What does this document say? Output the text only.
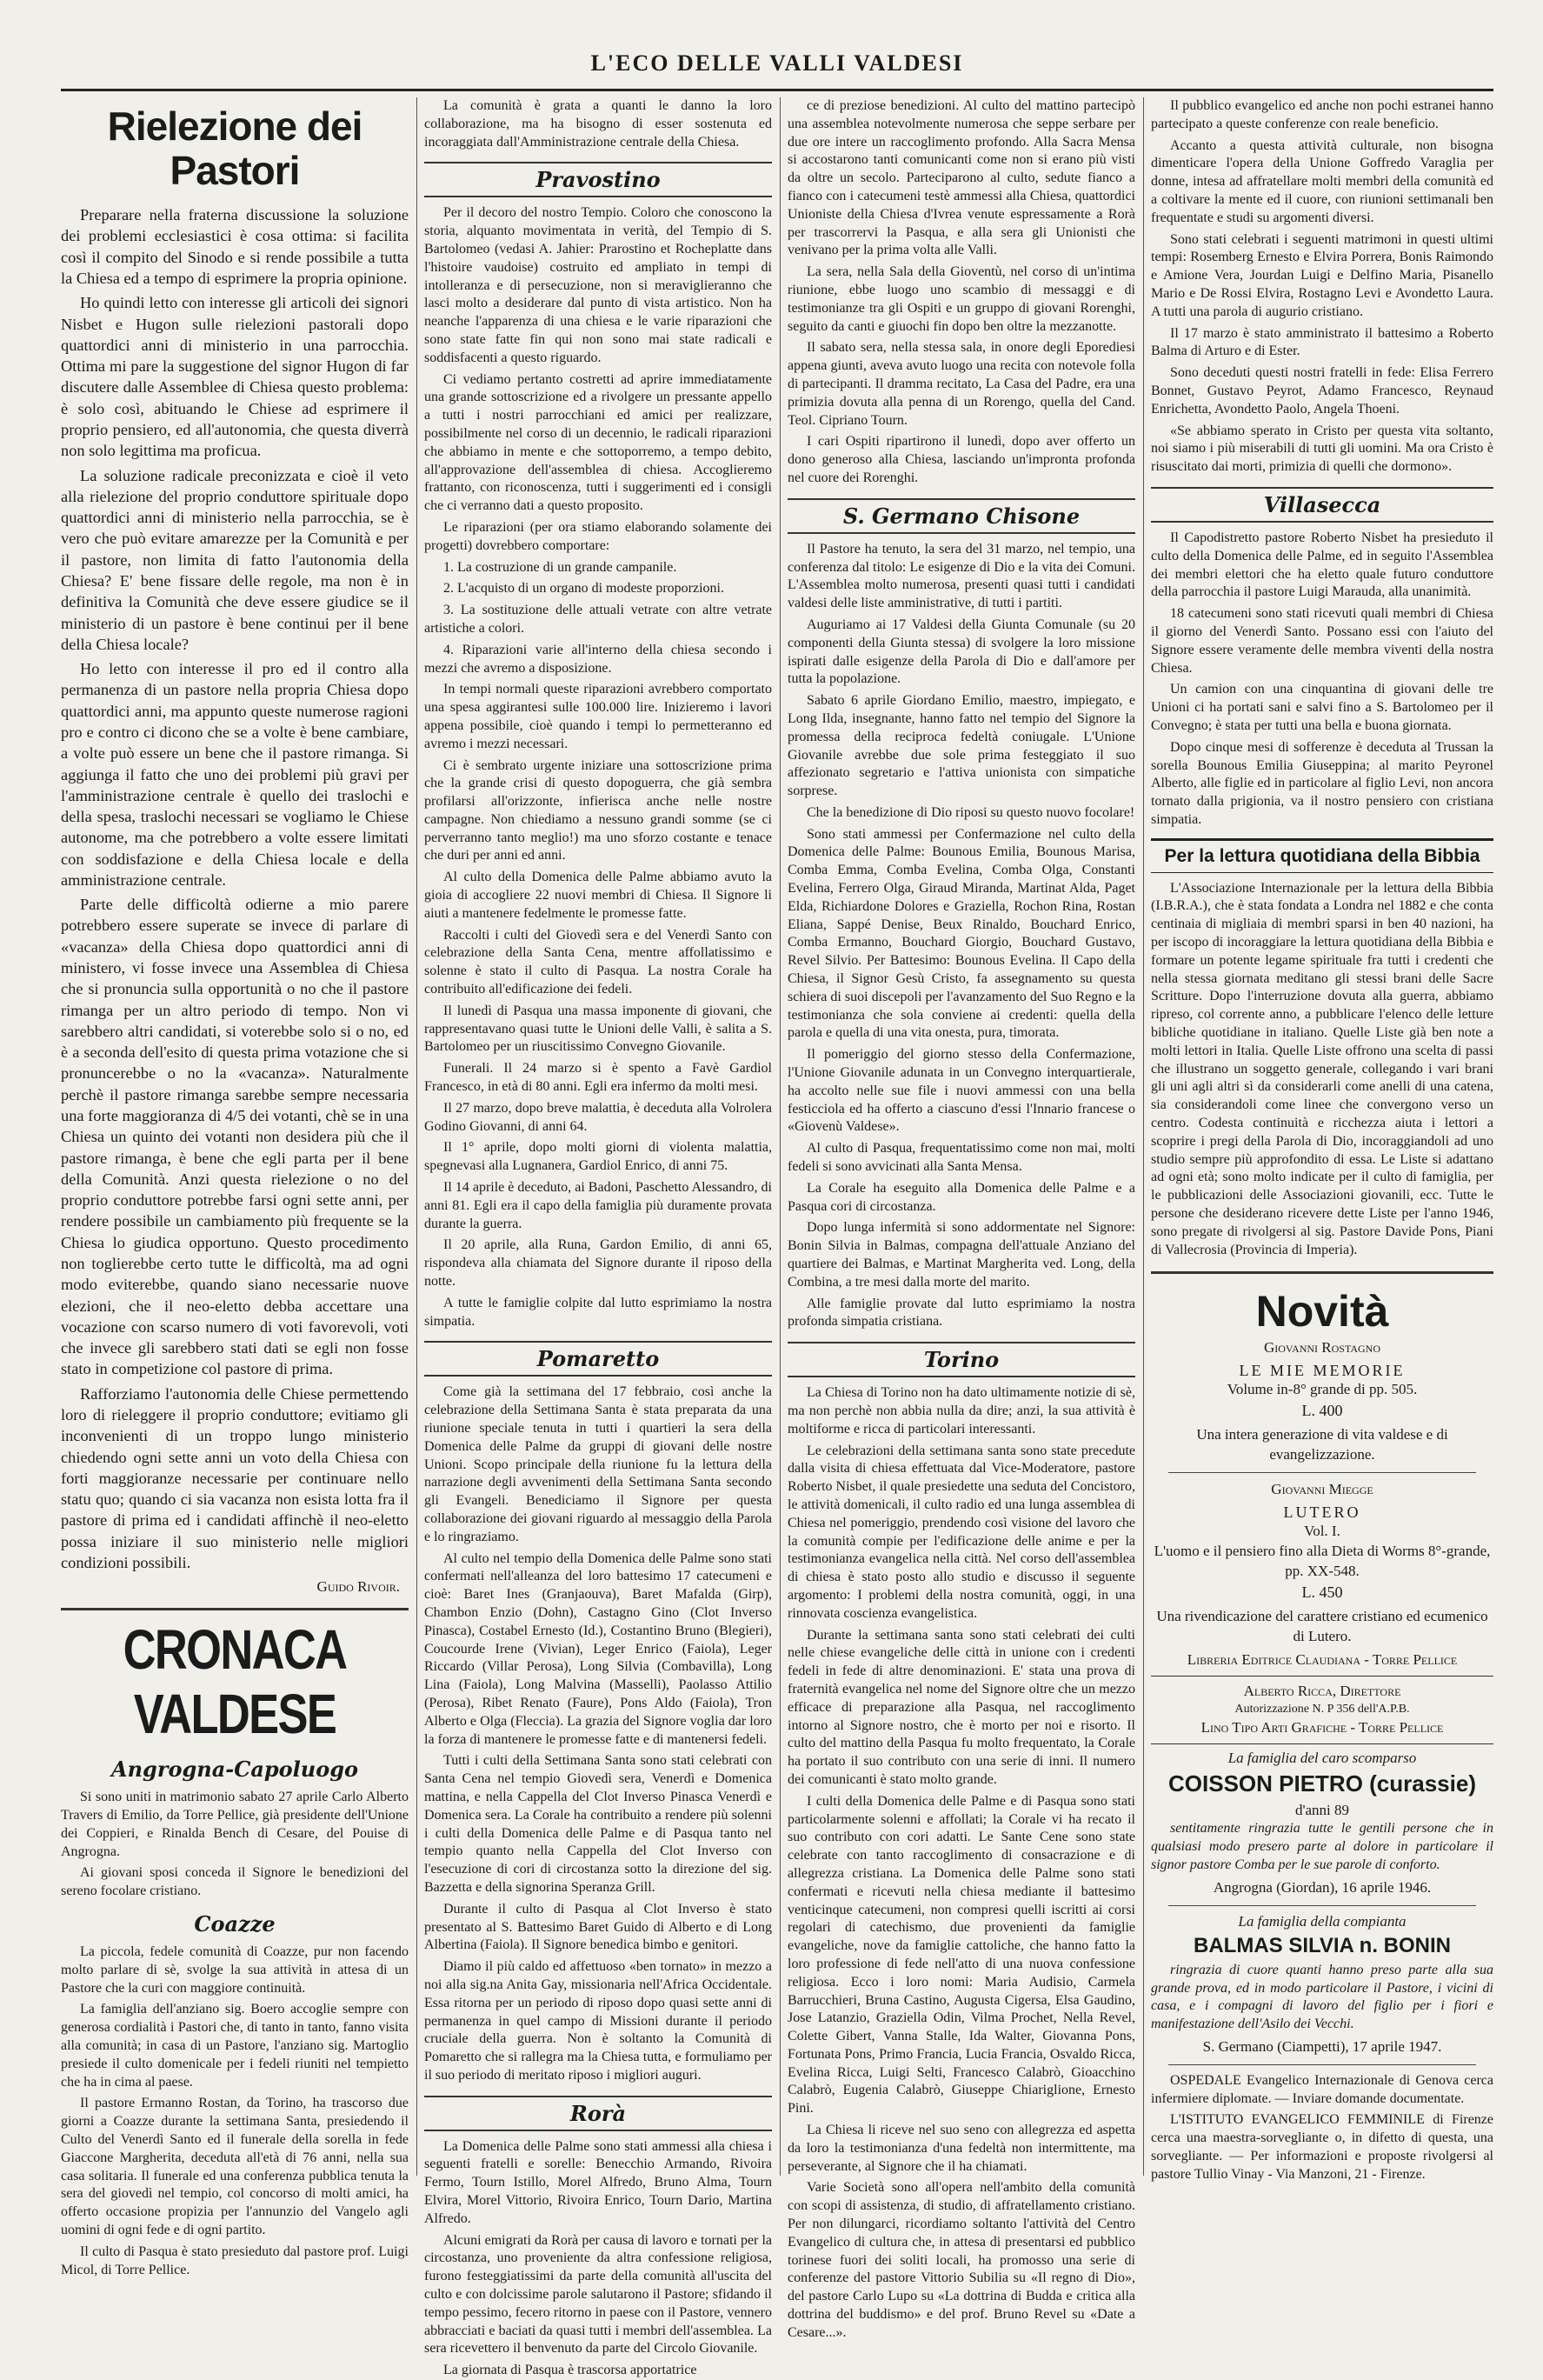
L'ECO DELLE VALLI VALDESI
Rielezione dei Pastori

Preparare nella fraterna discussione la soluzione dei problemi ecclesiastici è cosa ottima: si facilita così il compito del Sinodo e si rende possibile a tutta la Chiesa ed a tempo di esprimere la propria opinione.

Ho quindi letto con interesse gli articoli dei signori Nisbet e Hugon sulle rielezioni pastorali dopo quattordici anni di ministerio in una parrocchia. Ottima mi pare la suggestione del signor Hugon di far discutere dalle Assemblee di Chiesa questo problema: è solo così, abituando le Chiese ad esprimere il proprio pensiero, ed all'autonomia, che questa diverrà non solo legittima ma proficua.

La soluzione radicale preconizzata e cioè il veto alla rielezione del proprio conduttore spirituale dopo quattordici anni di ministerio nella parrocchia, se è vero che può evitare amarezze per la Comunità e per il pastore, non limita di fatto l'autonomia della Chiesa? E' bene fissare delle regole, ma non è in definitiva la Comunità che deve essere giudice se il ministerio di un pastore è bene continui per il bene della Chiesa locale?

Ho letto con interesse il pro ed il contro alla permanenza di un pastore nella propria Chiesa dopo quattordici anni, ma appunto queste numerose ragioni pro e contro ci dicono che se a volte è bene cambiare, a volte può essere un bene che il pastore rimanga. Si aggiunga il fatto che uno dei problemi più gravi per l'amministrazione centrale è quello dei traslochi e della spesa, traslochi necessari se vogliamo le Chiese autonome, ma che potrebbero a volte essere limitati con soddisfazione e della Chiesa locale e della amministrazione centrale.

Parte delle difficoltà odierne a mio parere potrebbero essere superate se invece di parlare di «vacanza» della Chiesa dopo quattordici anni di ministero, vi fosse invece una Assemblea di Chiesa che si pronuncia sulla opportunità o no che il pastore rimanga per un altro periodo di tempo. Non vi sarebbero altri candidati, si voterebbe solo si o no, ed è a seconda dell'esito di questa prima votazione che si pronuncerebbe o no la «vacanza». Naturalmente perchè il pastore rimanga sarebbe sempre necessaria una forte maggioranza di 4/5 dei votanti, chè se in una Chiesa un quinto dei votanti non desidera più che il pastore rimanga, è bene che egli parta per il bene della Comunità. Anzi questa rielezione o no del proprio conduttore potrebbe farsi ogni sette anni, per rendere possibile un cambiamento più frequente se la Chiesa lo giudica opportuno. Questo procedimento non toglierebbe certo tutte le difficoltà, ma ad ogni modo eviterebbe, quando siano necessarie nuove elezioni, che il neo-eletto debba accettare una vocazione con scarso numero di voti favorevoli, voti che invece gli sarebbero stati dati se egli non fosse stato in competizione col pastore di prima.

Rafforziamo l'autonomia delle Chiese permettendo loro di rieleggere il proprio conduttore; evitiamo gli inconvenienti di un troppo lungo ministerio chiedendo ogni sette anni un voto della Chiesa con forti maggioranze necessarie per continuare nello statu quo; quando ci sia vacanza non esista lotta fra il pastore di prima ed i candidati affinchè il neo-eletto possa iniziare il suo ministerio nelle migliori condizioni possibili.

Guido Rivoir.
CRONACA VALDESE
Angrogna-Capoluogo

Si sono uniti in matrimonio sabato 27 aprile Carlo Alberto Travers di Emilio, da Torre Pellice, già presidente dell'Unione dei Coppieri, e Rinalda Bench di Cesare, del Pouise di Angrogna.

Ai giovani sposi conceda il Signore le benedizioni del sereno focolare cristiano.

Coazze

La piccola, fedele comunità di Coazze, pur non facendo molto parlare di sè, svolge la sua attività in attesa di un Pastore che la curi con maggiore continuità.

La famiglia dell'anziano sig. Boero accoglie sempre con generosa cordialità i Pastori che, di tanto in tanto, fanno visita alla comunità; in casa di un Pastore, l'anziano sig. Martoglio presiede il culto domenicale per i fedeli riuniti nel tempietto che ha in cima al paese.

Il pastore Ermanno Rostan, da Torino, ha trascorso due giorni a Coazze durante la settimana Santa, presiedendo il Culto del Venerdì Santo ed il funerale della sorella in fede Giaccone Margherita, deceduta all'età di 76 anni, nella sua casa solitaria. Il funerale ed una conferenza pubblica tenuta la sera del giovedì nel tempio, col concorso di molti amici, ha offerto occasione propizia per l'annunzio del Vangelo agli uomini di ogni fede e di ogni partito.

Il culto di Pasqua è stato presieduto dal pastore prof. Luigi Micol, di Torre Pellice.

La comunità è grata a quanti le danno la loro collaborazione, ma ha bisogno di esser sostenuta ed incoraggiata dall'Amministrazione centrale della Chiesa.

Pravostino

Per il decoro del nostro Tempio. Coloro che conoscono la storia, alquanto movimentata in verità, del Tempio di S. Bartolomeo (vedasi A. Jahier: Prarostino et Rocheplatte dans l'histoire vaudoise) costruito ed ampliato in tempi di intolleranza e di persecuzione, non si meraviglieranno che lasci molto a desiderare dal punto di vista artistico. Non ha neanche l'apparenza di una chiesa e le varie riparazioni che sono state fatte fin qui non sono mai state radicali e soddisfacenti a questo riguardo.

Ci vediamo pertanto costretti ad aprire immediatamente una grande sottoscrizione ed a rivolgere un pressante appello a tutti i nostri parrocchiani ed amici per realizzare, possibilmente nel corso di un decennio, le radicali riparazioni che abbiamo in mente e che sottoporremo, a tempo debito, all'approvazione dell'assemblea di chiesa. Accoglieremo frattanto, con riconoscenza, tutti i suggerimenti ed i consigli che ci verranno dati a questo proposito.

Le riparazioni (per ora stiamo elaborando solamente dei progetti) dovrebbero comportare:

1. La costruzione di un grande campanile.

2. L'acquisto di un organo di modeste proporzioni.

3. La sostituzione delle attuali vetrate con altre vetrate artistiche a colori.

4. Riparazioni varie all'interno della chiesa secondo i mezzi che avremo a disposizione.

In tempi normali queste riparazioni avrebbero comportato una spesa aggirantesi sulle 100.000 lire. Inizieremo i lavori appena possibile, cioè quando i tempi lo permetteranno ed avremo i mezzi necessari.

Ci è sembrato urgente iniziare una sottoscrizione prima che la grande crisi di questo dopoguerra, che già sembra profilarsi all'orizzonte, infierisca anche nelle nostre campagne. Non chiediamo a nessuno grandi somme (se ci perverranno tanto meglio!) ma uno sforzo costante e tenace che duri per anni ed anni.

Al culto della Domenica delle Palme abbiamo avuto la gioia di accogliere 22 nuovi membri di Chiesa. Il Signore li aiuti a mantenere fedelmente le promesse fatte.

Raccolti i culti del Giovedì sera e del Venerdì Santo con celebrazione della Santa Cena, mentre affollatissimo e solenne è stato il culto di Pasqua. La nostra Corale ha contribuito all'edificazione dei fedeli.

Il lunedì di Pasqua una massa imponente di giovani, che rappresentavano quasi tutte le Unioni delle Valli, è salita a S. Bartolomeo per un riuscitissimo Convegno Giovanile.

Funerali. Il 24 marzo si è spento a Favè Gardiol Francesco, in età di 80 anni. Egli era infermo da molti mesi.

Il 27 marzo, dopo breve malattia, è deceduta alla Volrolera Godino Giovanni, di anni 64.

Il 1° aprile, dopo molti giorni di violenta malattia, spegnevasi alla Lugnanera, Gardiol Enrico, di anni 75.

Il 14 aprile è deceduto, ai Badoni, Paschetto Alessandro, di anni 81. Egli era il capo della famiglia più duramente provata durante la guerra.

Il 20 aprile, alla Runa, Gardon Emilio, di anni 65, rispondeva alla chiamata del Signore durante il riposo della notte.

A tutte le famiglie colpite dal lutto esprimiamo la nostra simpatia.

Pomaretto

Come già la settimana del 17 febbraio, così anche la celebrazione della Settimana Santa è stata preparata da una riunione speciale tenuta in tutti i quartieri la sera della Domenica delle Palme da gruppi di giovani delle nostre Unioni. Scopo principale della riunione fu la lettura della narrazione degli avvenimenti della Settimana Santa secondo gli Evangeli. Benediciamo il Signore per questa collaborazione dei giovani riguardo al messaggio della Parola e lo ringraziamo.

Al culto nel tempio della Domenica delle Palme sono stati confermati nell'alleanza del loro battesimo 17 catecumeni e cioè: Baret Ines (Granjaouva), Baret Mafalda (Girp), Chambon Enzio (Dohn), Castagno Gino (Clot Inverso Pinasca), Costabel Ernesto (Id.), Costantino Bruno (Blegieri), Coucourde Irene (Vivian), Leger Enrico (Faiola), Leger Riccardo (Villar Perosa), Long Silvia (Combavilla), Long Lina (Faiola), Long Malvina (Masselli), Paolasso Attilio (Perosa), Ribet Renato (Faure), Pons Aldo (Faiola), Tron Alberto e Olga (Fleccia). La grazia del Signore voglia dar loro la forza di mantenere le promesse fatte e di mantenersi fedeli.

Tutti i culti della Settimana Santa sono stati celebrati con Santa Cena nel tempio Giovedì sera, Venerdì e Domenica mattina, e nella Cappella del Clot Inverso Pinasca Venerdì e Domenica sera. La Corale ha contribuito a rendere più solenni i culti della Domenica delle Palme e di Pasqua tanto nel tempio quanto nella Cappella del Clot Inverso con l'esecuzione di cori di circostanza sotto la direzione del sig. Bazzetta e della signorina Speranza Grill.

Durante il culto di Pasqua al Clot Inverso è stato presentato al S. Battesimo Baret Guido di Alberto e di Long Albertina (Faiola). Il Signore benedica bimbo e genitori.

Diamo il più caldo ed affettuoso «ben tornato» in mezzo a noi alla sig.na Anita Gay, missionaria nell'Africa Occidentale. Essa ritorna per un periodo di riposo dopo quasi sette anni di permanenza in quel campo di Missioni durante il periodo cruciale della guerra. Non è soltanto la Comunità di Pomaretto che si rallegra ma la Chiesa tutta, e formuliamo per il suo periodo di meritato riposo i migliori auguri.

Rorà

La Domenica delle Palme sono stati ammessi alla chiesa i seguenti fratelli e sorelle: Benecchio Armando, Rivoira Fermo, Tourn Istillo, Morel Alfredo, Bruno Alma, Tourn Elvira, Morel Vittorio, Rivoira Enrico, Tourn Dario, Martina Alfredo.

Alcuni emigrati da Rorà per causa di lavoro e tornati per la circostanza, uno proveniente da altra confessione religiosa, furono festeggiatissimi da parte della comunità all'uscita del culto e con dolcissime parole salutarono il Pastore; sfidando il tempo pessimo, fecero ritorno in paese con il Pastore, vennero abbracciati e baciati da quasi tutti i membri dell'assemblea. La sera ricevettero il benvenuto da parte del Circolo Giovanile.

La giornata di Pasqua è trascorsa apportatrice

ce di preziose benedizioni. Al culto del mattino partecipò una assemblea notevolmente numerosa che seppe serbare per due ore intere un raccoglimento profondo. Alla Sacra Mensa si accostarono tanti comunicanti come non si erano più visti da oltre un secolo. Parteciparono al culto, sedute fianco a fianco con i catecumeni testè ammessi alla Chiesa, quattordici Unioniste della Chiesa d'Ivrea venute espressamente a Rorà per trascorrervi la Pasqua, e alla sera gli Unionisti che venivano per la prima volta alle Valli.

La sera, nella Sala della Gioventù, nel corso di un'intima riunione, ebbe luogo uno scambio di messaggi e di testimonianze tra gli Ospiti e un gruppo di giovani Rorenghi, seguito da canti e giuochi fin dopo ben oltre la mezzanotte.

Il sabato sera, nella stessa sala, in onore degli Eporediesi appena giunti, aveva avuto luogo una recita con notevole folla di partecipanti. Il dramma recitato, La Casa del Padre, era una primizia dovuta alla penna di un Rorengo, quella del Cand. Teol. Cipriano Tourn.

I cari Ospiti ripartirono il lunedì, dopo aver offerto un dono generoso alla Chiesa, lasciando un'impronta profonda nel cuore dei Rorenghi.

S. Germano Chisone

Il Pastore ha tenuto, la sera del 31 marzo, nel tempio, una conferenza dal titolo: Le esigenze di Dio e la vita dei Comuni. L'Assemblea molto numerosa, presenti quasi tutti i candidati valdesi delle liste amministrative, di tutti i partiti.

Auguriamo ai 17 Valdesi della Giunta Comunale (su 20 componenti della Giunta stessa) di svolgere la loro missione ispirati dalle esigenze della Parola di Dio e dall'amore per tutta la popolazione.

Sabato 6 aprile Giordano Emilio, maestro, impiegato, e Long Ilda, insegnante, hanno fatto nel tempio del Signore la promessa della reciproca fedeltà coniugale. L'Unione Giovanile avrebbe due sole prima festeggiato il suo affezionato segretario e l'attiva unionista con simpatiche sorprese.

Che la benedizione di Dio riposi su questo nuovo focolare!

Sono stati ammessi per Confermazione nel culto della Domenica delle Palme: Bounous Emilia, Bounous Marisa, Comba Emma, Comba Evelina, Comba Olga, Constanti Evelina, Ferrero Olga, Giraud Miranda, Martinat Alda, Paget Elda, Richiardone Dolores e Graziella, Rochon Rina, Rostan Eliana, Sappé Denise, Beux Rinaldo, Bouchard Enrico, Comba Ermanno, Bouchard Giorgio, Bouchard Gustavo, Revel Silvio. Per Battesimo: Bounous Evelina. Il Capo della Chiesa, il Signor Gesù Cristo, fa assegnamento su questa schiera di suoi discepoli per l'avanzamento del Suo Regno e la testimonianza che sola conviene ai credenti: quella della parola e quella di una vita onesta, pura, timorata.

Il pomeriggio del giorno stesso della Confermazione, l'Unione Giovanile adunata in un Convegno interquartierale, ha accolto nelle sue file i nuovi ammessi con una bella festicciola ed ha offerto a ciascuno d'essi l'Innario francese o «Giovenù Valdese».

Al culto di Pasqua, frequentatissimo come non mai, molti fedeli si sono avvicinati alla Santa Mensa.

La Corale ha eseguito alla Domenica delle Palme e a Pasqua cori di circostanza.

Dopo lunga infermità si sono addormentate nel Signore: Bonin Silvia in Balmas, compagna dell'attuale Anziano del quartiere dei Balmas, e Martinat Margherita ved. Long, della Combina, a tre mesi dalla morte del marito.

Alle famiglie provate dal lutto esprimiamo la nostra profonda simpatia cristiana.

Torino

La Chiesa di Torino non ha dato ultimamente notizie di sè, ma non perchè non abbia nulla da dire; anzi, la sua attività è moltiforme e ricca di particolari interessanti.

Le celebrazioni della settimana santa sono state precedute dalla visita di chiesa effettuata dal Vice-Moderatore, pastore Roberto Nisbet, il quale presiedette una seduta del Concistoro, le attività domenicali, il culto radio ed una lunga assemblea di Chiesa nel pomeriggio, prendendo così visione del lavoro che la comunità compie per l'edificazione delle anime e per la testimonianza evangelica nella città. Nel corso dell'assemblea di chiesa è stato posto allo studio e discusso il seguente argomento: I problemi della nostra comunità, oggi, in una rinnovata coscienza evangelistica.

Durante la settimana santa sono stati celebrati dei culti nelle chiese evangeliche delle città in unione con i credenti fedeli in fede di altre denominazioni. E' stata una prova di fraternità evangelica nel nome del Signore oltre che un mezzo efficace di preparazione alla Pasqua, nel raccoglimento intorno al Signore nostro, che è morto per noi e risorto. Il culto del mattino della Pasqua fu molto frequentato, la Corale ha portato il suo contributo con una serie di inni. Il numero dei comunicanti è stato molto grande.

I culti della Domenica delle Palme e di Pasqua sono stati particolarmente solenni e affollati; la Corale vi ha recato il suo contributo con cori adatti. Le Sante Cene sono state celebrate con tanto raccoglimento di consacrazione e di allegrezza cristiana. La Domenica delle Palme sono stati confermati e ricevuti nella chiesa mediante il battesimo venticinque catecumeni, non compresi quelli iscritti ai corsi regolari di catechismo, due provenienti da famiglie evangeliche, nove da famiglie cattoliche, che hanno fatto la loro professione di fede nell'atto di una nuova confessione religiosa. Ecco i loro nomi: Maria Audisio, Carmela Barrucchieri, Bruna Castino, Augusta Cigersa, Elsa Gaudino, Jose Latanzio, Graziella Odin, Vilma Prochet, Nella Revel, Colette Gibert, Vanna Stalle, Ida Walter, Giovanna Pons, Fortunata Pons, Primo Francia, Lucia Francia, Osvaldo Ricca, Evelina Ricca, Luigi Selti, Francesco Calabrò, Gioacchino Calabrò, Eugenia Calabrò, Giuseppe Chiariglione, Ernesto Pini.

La Chiesa li riceve nel suo seno con allegrezza ed aspetta da loro la testimonianza d'una fedeltà non intermittente, ma perseverante, al Signore che il ha chiamati.

Varie Società sono all'opera nell'ambito della comunità con scopi di assistenza, di studio, di affratellamento cristiano. Per non dilungarci, ricordiamo soltanto l'attività del Centro Evangelico di cultura che, in attesa di presentarsi ed pubblico torinese fuori dei soliti locali, ha promosso una serie di conferenze del pastore Vittorio Subilia su «Il regno di Dio», del pastore Carlo Lupo su «La dottrina di Budda e critica alla dottrina del buddismo» e del prof. Bruno Revel su «Date a Cesare...».

Il pubblico evangelico ed anche non pochi estranei hanno partecipato a queste conferenze con reale beneficio.

Accanto a questa attività culturale, non bisogna dimenticare l'opera della Unione Goffredo Varaglia per donne, intesa ad affratellare molti membri della comunità ed a coltivare la mente ed il cuore, con riunioni settimanali ben frequentate e studi su argomenti diversi.

Sono stati celebrati i seguenti matrimoni in questi ultimi tempi: Rosemberg Ernesto e Elvira Porrera, Bonis Raimondo e Amione Vera, Jourdan Luigi e Delfino Maria, Pisanello Mario e De Rossi Elvira, Rostagno Levi e Avondetto Laura. A tutti una parola di augurio cristiano.

Il 17 marzo è stato amministrato il battesimo a Roberto Balma di Arturo e di Ester.

Sono deceduti questi nostri fratelli in fede: Elisa Ferrero Bonnet, Gustavo Peyrot, Adamo Francesco, Reynaud Enrichetta, Avondetto Paolo, Angela Thoeni.

«Se abbiamo sperato in Cristo per questa vita soltanto, noi siamo i più miserabili di tutti gli uomini. Ma ora Cristo è risuscitato dai morti, primizia di quelli che dormono».

Villasecca

Il Capodistretto pastore Roberto Nisbet ha presieduto il culto della Domenica delle Palme, ed in seguito l'Assemblea dei membri elettori che ha eletto quale futuro conduttore della parrocchia il pastore Luigi Marauda, alla unanimità.

18 catecumeni sono stati ricevuti quali membri di Chiesa il giorno del Venerdì Santo. Possano essi con l'aiuto del Signore essere veramente delle membra viventi della nostra Chiesa.

Un camion con una cinquantina di giovani delle tre Unioni ci ha portati sani e salvi fino a S. Bartolomeo per il Convegno; è stata per tutti una bella e buona giornata.

Dopo cinque mesi di sofferenze è deceduta al Trussan la sorella Bounous Emilia Giuseppina; al marito Peyronel Alberto, alle figlie ed in particolare al figlio Levi, non ancora tornato dalla prigionia, va il nostro pensiero con cristiana simpatia.

Per la lettura quotidiana della Bibbia

L'Associazione Internazionale per la lettura della Bibbia (I.B.R.A.), che è stata fondata a Londra nel 1882 e che conta centinaia di migliaia di membri sparsi in ben 40 nazioni, ha per iscopo di incoraggiare la lettura quotidiana della Bibbia e formare un potente legame spirituale fra tutti i credenti che nella stessa giornata meditano gli stessi brani delle Sacre Scritture. Dopo l'interruzione dovuta alla guerra, abbiamo ripreso, col corrente anno, a pubblicare l'elenco delle letture bibliche quotidiane in italiano. Quelle Liste già ben note a molti lettori in Italia. Quelle Liste offrono una scelta di passi che illustrano un soggetto generale, collegando i vari brani gli uni agli altri sì da considerarli come anelli di una catena, sia considerandoli come linee che convergono verso un centro. Codesta continuità e ricchezza aiuta i lettori a scoprire i pregi della Parola di Dio, incoraggiandoli ad uno studio sempre più approfondito di essa. Le Liste si adattano ad ogni età; sono molto indicate per il culto di famiglia, per le pubblicazioni delle Associazioni giovanili, ecc. Tutte le persone che desiderano ricevere dette Liste per l'anno 1946, sono pregate di rivolgersi al sig. Pastore Davide Pons, Piani di Vallecrosia (Provincia di Imperia).

Novità

Giovanni Rostagno

LE MIE MEMORIE

Volume in-8° grande di pp. 505.

L. 400

Una intera generazione di vita valdese e di evangelizzazione.

Giovanni Miegge

LUTERO

Vol. I.

L'uomo e il pensiero fino alla Dieta di Worms 8°-grande, pp. XX-548.

L. 450

Una rivendicazione del carattere cristiano ed ecumenico di Lutero.

Libreria Editrice Claudiana - Torre Pellice

Alberto Ricca, Direttore

Autorizzazione N. P 356 dell'A.P.B.

Lino Tipo Arti Grafiche - Torre Pellice

La famiglia del caro scomparso

COISSON PIETRO (curassie)

d'anni 89

sentitamente ringrazia tutte le gentili persone che in qualsiasi modo presero parte al dolore in particolare il signor pastore Comba per le sue parole di conforto.

Angrogna (Giordan), 16 aprile 1946.

La famiglia della compianta

BALMAS SILVIA n. BONIN

ringrazia di cuore quanti hanno preso parte alla sua grande prova, ed in modo particolare il Pastore, i vicini di casa, e i compagni di lavoro del figlio per i fiori e manifestazione dell'Asilo dei Vecchi.

S. Germano (Ciampetti), 17 aprile 1947.

OSPEDALE Evangelico Internazionale di Genova cerca infermiere diplomate. — Inviare domande documentate.

L'ISTITUTO EVANGELICO FEMMINILE di Firenze cerca una maestra-sorvegliante o, in difetto di questa, una sorvegliante. — Per informazioni e proposte rivolgersi al pastore Tullio Vinay - Via Manzoni, 21 - Firenze.
